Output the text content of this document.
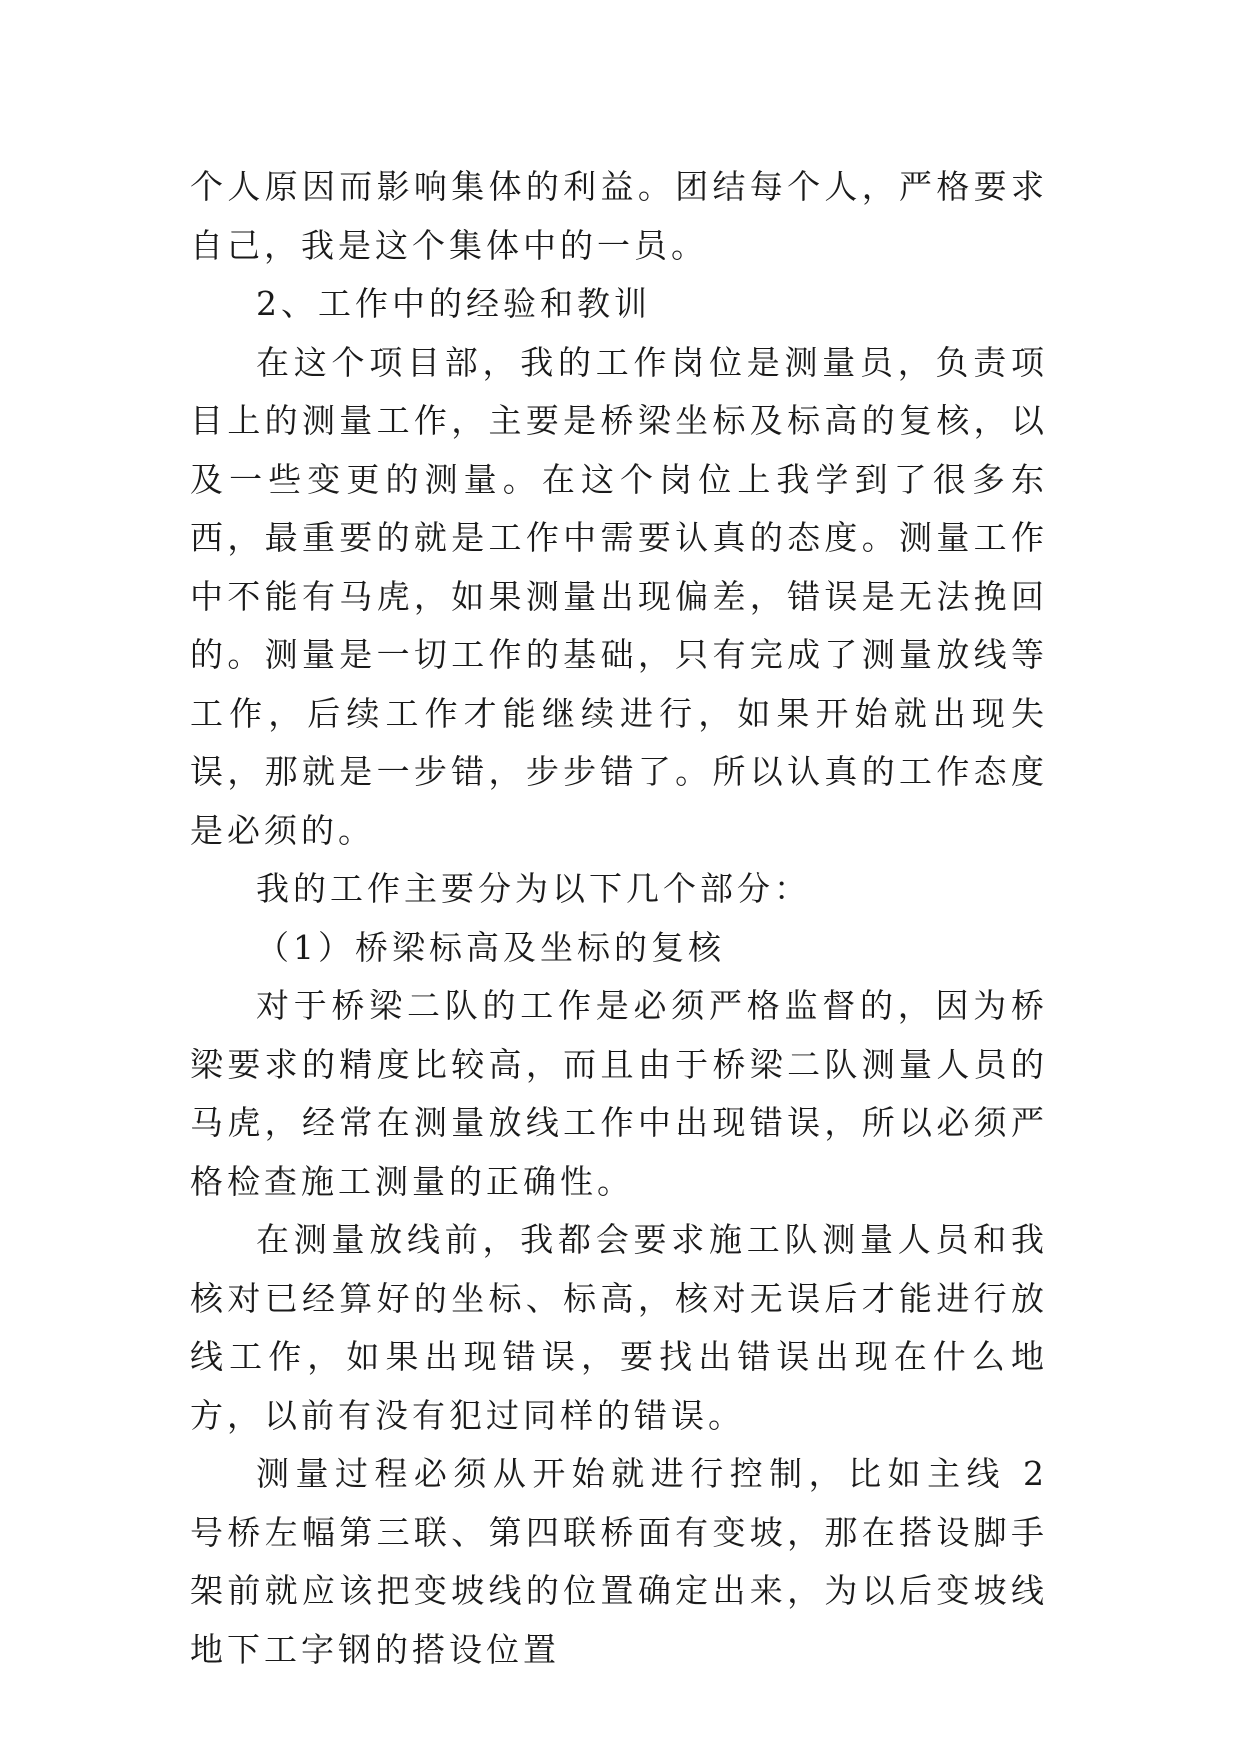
个人原因而影响集体的利益。团结每个人，严格要求自己，我是这个集体中的一员。

2、工作中的经验和教训

在这个项目部，我的工作岗位是测量员，负责项目上的测量工作，主要是桥梁坐标及标高的复核，以及一些变更的测量。在这个岗位上我学到了很多东西，最重要的就是工作中需要认真的态度。测量工作中不能有马虎，如果测量出现偏差，错误是无法挽回的。测量是一切工作的基础，只有完成了测量放线等工作，后续工作才能继续进行，如果开始就出现失误，那就是一步错，步步错了。所以认真的工作态度是必须的。

我的工作主要分为以下几个部分：

（1）桥梁标高及坐标的复核

对于桥梁二队的工作是必须严格监督的，因为桥梁要求的精度比较高，而且由于桥梁二队测量人员的马虎，经常在测量放线工作中出现错误，所以必须严格检查施工测量的正确性。

在测量放线前，我都会要求施工队测量人员和我核对已经算好的坐标、标高，核对无误后才能进行放线工作，如果出现错误，要找出错误出现在什么地方，以前有没有犯过同样的错误。

测量过程必须从开始就进行控制，比如主线 2 号桥左幅第三联、第四联桥面有变坡，那在搭设脚手架前就应该把变坡线的位置确定出来，为以后变坡线地下工字钢的搭设位置
